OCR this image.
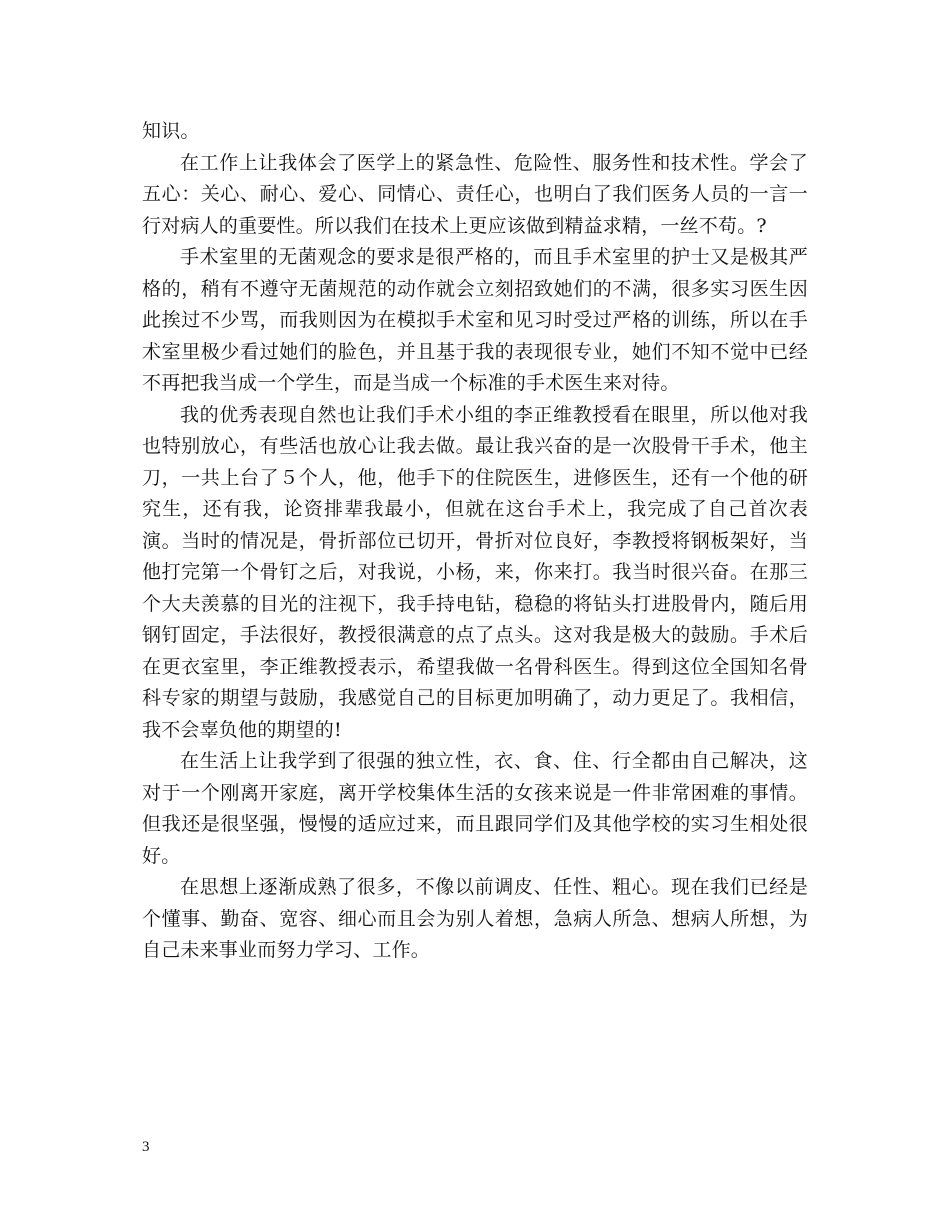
知识。

在工作上让我体会了医学上的紧急性、危险性、服务性和技术性。学会了五心：关心、耐心、爱心、同情心、责任心，也明白了我们医务人员的一言一行对病人的重要性。所以我们在技术上更应该做到精益求精，一丝不苟。?

手术室里的无菌观念的要求是很严格的，而且手术室里的护士又是极其严格的，稍有不遵守无菌规范的动作就会立刻招致她们的不满，很多实习医生因此挨过不少骂，而我则因为在模拟手术室和见习时受过严格的训练，所以在手术室里极少看过她们的脸色，并且基于我的表现很专业，她们不知不觉中已经不再把我当成一个学生，而是当成一个标准的手术医生来对待。

我的优秀表现自然也让我们手术小组的李正维教授看在眼里，所以他对我也特别放心，有些活也放心让我去做。最让我兴奋的是一次股骨干手术，他主刀，一共上台了５个人，他，他手下的住院医生，进修医生，还有一个他的研究生，还有我，论资排辈我最小，但就在这台手术上，我完成了自己首次表演。当时的情况是，骨折部位已切开，骨折对位良好，李教授将钢板架好，当他打完第一个骨钉之后，对我说，小杨，来，你来打。我当时很兴奋。在那三个大夫羡慕的目光的注视下，我手持电钻，稳稳的将钻头打进股骨内，随后用钢钉固定，手法很好，教授很满意的点了点头。这对我是极大的鼓励。手术后在更衣室里，李正维教授表示，希望我做一名骨科医生。得到这位全国知名骨科专家的期望与鼓励，我感觉自己的目标更加明确了，动力更足了。我相信，我不会辜负他的期望的!

在生活上让我学到了很强的独立性，衣、食、住、行全都由自己解决，这对于一个刚离开家庭，离开学校集体生活的女孩来说是一件非常困难的事情。但我还是很坚强，慢慢的适应过来，而且跟同学们及其他学校的实习生相处很好。

在思想上逐渐成熟了很多，不像以前调皮、任性、粗心。现在我们已经是个懂事、勤奋、宽容、细心而且会为别人着想，急病人所急、想病人所想，为自己未来事业而努力学习、工作。

3
